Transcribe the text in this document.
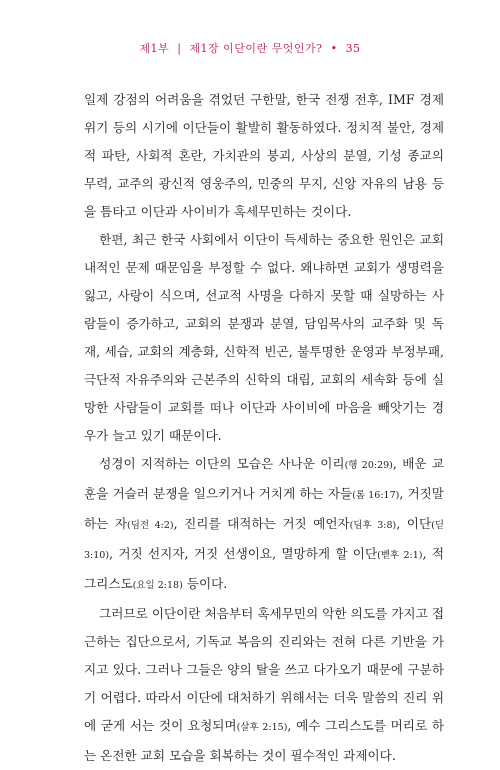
제1부 | 제1장 이단이란 무엇인가? • 35

일제 강점의 어려움을 겪었던 구한말, 한국 전쟁 전후, IMF 경제위기 등의 시기에 이단들이 활발히 활동하였다. 정치적 불안, 경제적 파탄, 사회적 혼란, 가치관의 붕괴, 사상의 분열, 기성 종교의 무력, 교주의 광신적 영웅주의, 민중의 무지, 신앙 자유의 남용 등을 틈타고 이단과 사이비가 혹세무민하는 것이다.

한편, 최근 한국 사회에서 이단이 득세하는 중요한 원인은 교회 내적인 문제 때문임을 부정할 수 없다. 왜냐하면 교회가 생명력을 잃고, 사랑이 식으며, 선교적 사명을 다하지 못할 때 실망하는 사람들이 증가하고, 교회의 분쟁과 분열, 담임목사의 교주화 및 독재, 세습, 교회의 계층화, 신학적 빈곤, 불투명한 운영과 부정부패, 극단적 자유주의와 근본주의 신학의 대립, 교회의 세속화 등에 실망한 사람들이 교회를 떠나 이단과 사이비에 마음을 빼앗기는 경우가 늘고 있기 때문이다.

성경이 지적하는 이단의 모습은 사나운 이리(행 20:29), 배운 교훈을 거슬러 분쟁을 일으키거나 거치게 하는 자들(롬 16:17), 거짓말 하는 자(딤전 4:2), 진리를 대적하는 거짓 예언자(딤후 3:8), 이단(딛 3:10), 거짓 선지자, 거짓 선생이요, 멸망하게 할 이단(벧후 2:1), 적그리스도(요일 2:18) 등이다.

그러므로 이단이란 처음부터 혹세무민의 악한 의도를 가지고 접근하는 집단으로서, 기독교 복음의 진리와는 전혀 다른 기반을 가지고 있다. 그러나 그들은 양의 탈을 쓰고 다가오기 때문에 구분하기 어렵다. 따라서 이단에 대처하기 위해서는 더욱 말씀의 진리 위에 굳게 서는 것이 요청되며(살후 2:15), 예수 그리스도를 머리로 하는 온전한 교회 모습을 회복하는 것이 필수적인 과제이다.
